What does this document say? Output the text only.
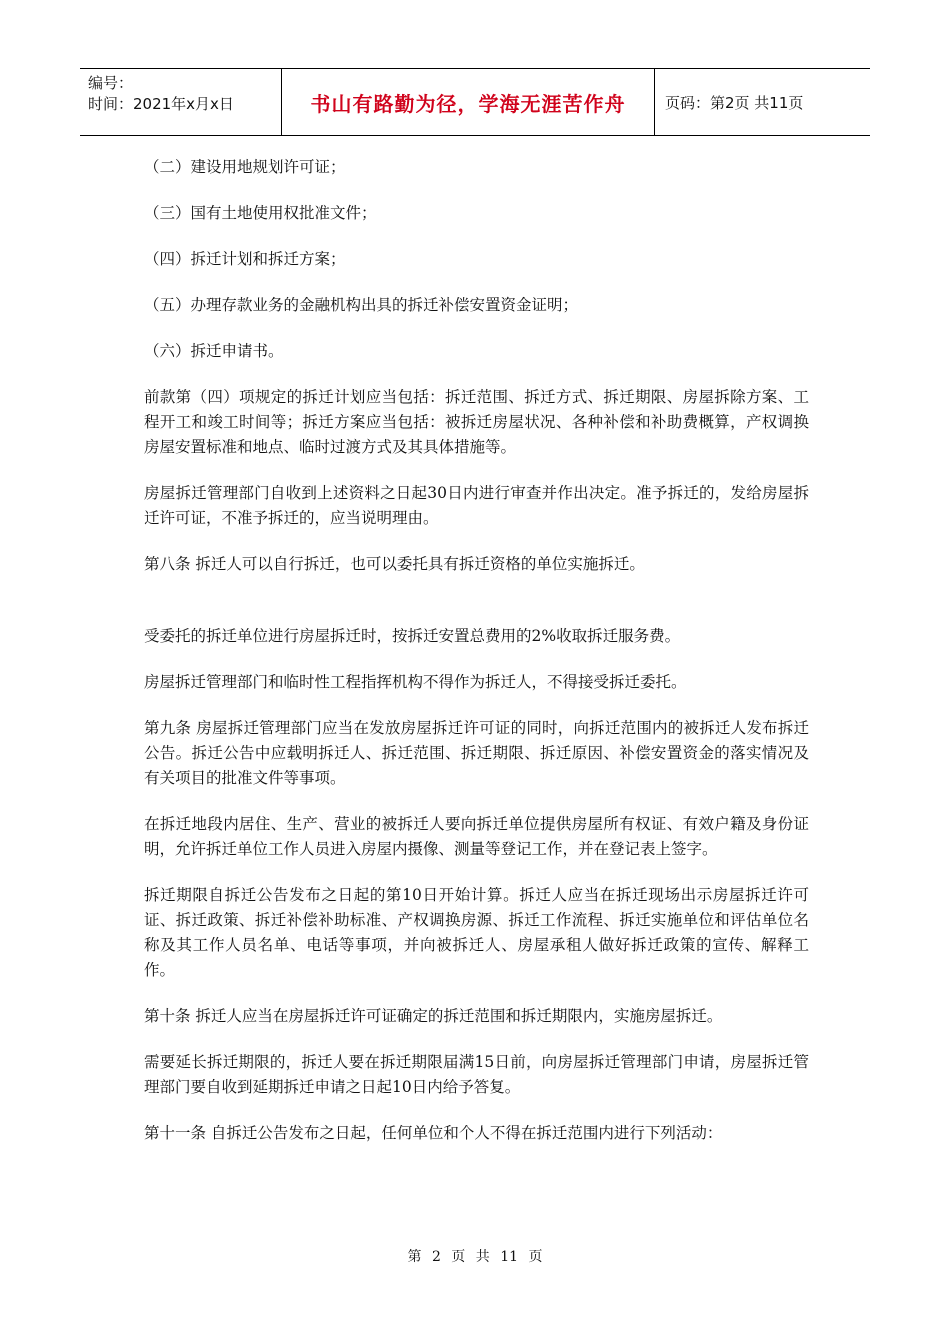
编号：
时间：2021年x月x日	书山有路勤为径，学海无涯苦作舟	页码：第2页 共11页

（二）建设用地规划许可证；

（三）国有土地使用权批准文件；

（四）拆迁计划和拆迁方案；

（五）办理存款业务的金融机构出具的拆迁补偿安置资金证明；

（六）拆迁申请书。

前款第（四）项规定的拆迁计划应当包括：拆迁范围、拆迁方式、拆迁期限、房屋拆除方案、工程开工和竣工时间等；拆迁方案应当包括：被拆迁房屋状况、各种补偿和补助费概算，产权调换房屋安置标准和地点、临时过渡方式及其具体措施等。

房屋拆迁管理部门自收到上述资料之日起30日内进行审查并作出决定。准予拆迁的，发给房屋拆迁许可证，不准予拆迁的，应当说明理由。

第八条 拆迁人可以自行拆迁，也可以委托具有拆迁资格的单位实施拆迁。

受委托的拆迁单位进行房屋拆迁时，按拆迁安置总费用的2%收取拆迁服务费。

房屋拆迁管理部门和临时性工程指挥机构不得作为拆迁人，不得接受拆迁委托。

第九条 房屋拆迁管理部门应当在发放房屋拆迁许可证的同时，向拆迁范围内的被拆迁人发布拆迁公告。拆迁公告中应载明拆迁人、拆迁范围、拆迁期限、拆迁原因、补偿安置资金的落实情况及有关项目的批准文件等事项。

在拆迁地段内居住、生产、营业的被拆迁人要向拆迁单位提供房屋所有权证、有效户籍及身份证明，允许拆迁单位工作人员进入房屋内摄像、测量等登记工作，并在登记表上签字。

拆迁期限自拆迁公告发布之日起的第10日开始计算。拆迁人应当在拆迁现场出示房屋拆迁许可证、拆迁政策、拆迁补偿补助标准、产权调换房源、拆迁工作流程、拆迁实施单位和评估单位名称及其工作人员名单、电话等事项，并向被拆迁人、房屋承租人做好拆迁政策的宣传、解释工作。

第十条 拆迁人应当在房屋拆迁许可证确定的拆迁范围和拆迁期限内，实施房屋拆迁。

需要延长拆迁期限的，拆迁人要在拆迁期限届满15日前，向房屋拆迁管理部门申请，房屋拆迁管理部门要自收到延期拆迁申请之日起10日内给予答复。

第十一条 自拆迁公告发布之日起，任何单位和个人不得在拆迁范围内进行下列活动：

第 2 页 共 11 页
